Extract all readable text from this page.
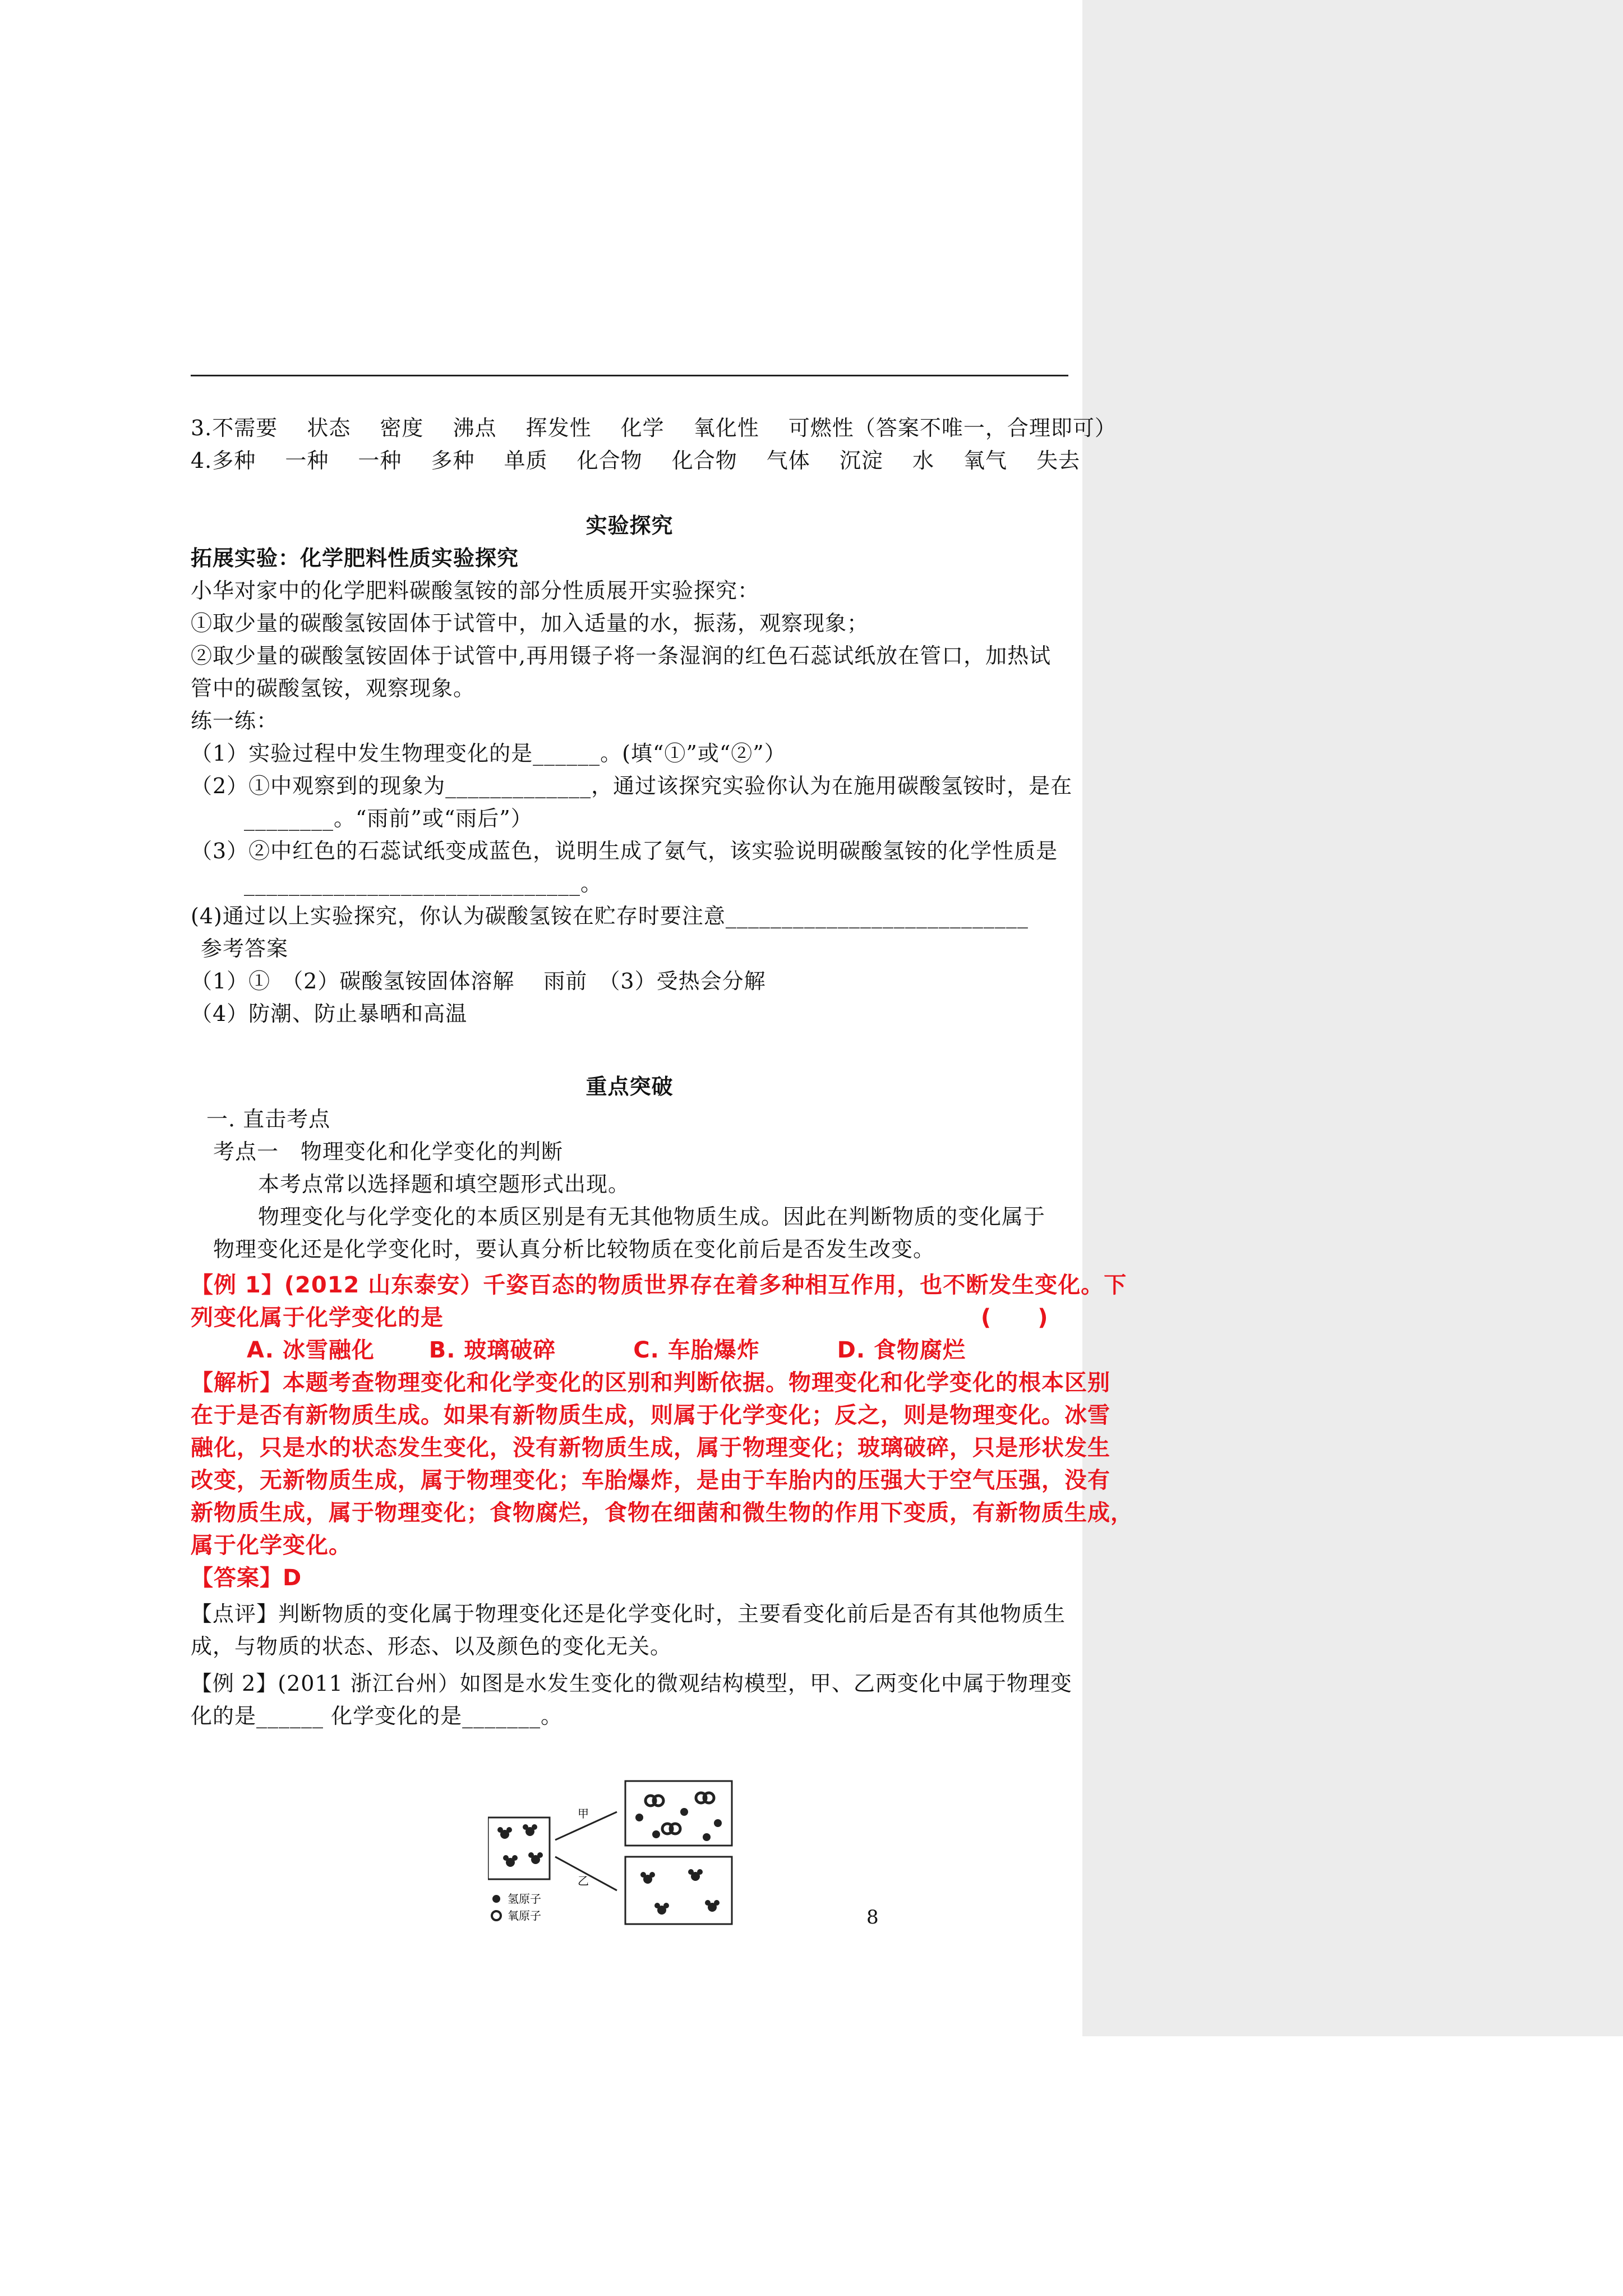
3.不需要　 状态　 密度　 沸点　 挥发性　 化学　 氧化性　 可燃性（答案不唯一，合理即可）
4.多种　 一种　 一种　 多种　 单质　 化合物　 化合物　 气体　 沉淀　 水　 氧气　 失去
实验探究
拓展实验：化学肥料性质实验探究
小华对家中的化学肥料碳酸氢铵的部分性质展开实验探究：
①取少量的碳酸氢铵固体于试管中，加入适量的水，振荡，观察现象；
②取少量的碳酸氢铵固体于试管中,再用镊子将一条湿润的红色石蕊试纸放在管口，加热试
管中的碳酸氢铵，观察现象。
练一练：
（1）实验过程中发生物理变化的是______。(填“①”或“②”）
（2）①中观察到的现象为_____________，通过该探究实验你认为在施用碳酸氢铵时，是在
________。“雨前”或“雨后”）
（3）②中红色的石蕊试纸变成蓝色，说明生成了氨气，该实验说明碳酸氢铵的化学性质是
______________________________。
(4)通过以上实验探究，你认为碳酸氢铵在贮存时要注意___________________________
参考答案
（1）①　（2）碳酸氢铵固体溶解　 雨前　（3）受热会分解
（4）防潮、防止暴晒和高温
重点突破
一. 直击考点
考点一　物理变化和化学变化的判断
本考点常以选择题和填空题形式出现。
物理变化与化学变化的本质区别是有无其他物质生成。因此在判断物质的变化属于
物理变化还是化学变化时，要认真分析比较物质在变化前后是否发生改变。
【例 1】(2012 山东泰安）千姿百态的物质世界存在着多种相互作用，也不断发生变化。下
列变化属于化学变化的是　　　　　　　　　　　　　　　　　　　　　　　 (　　)
A. 冰雪融化　　 B. 玻璃破碎　　　 C. 车胎爆炸　　　 D. 食物腐烂
【解析】本题考查物理变化和化学变化的区别和判断依据。物理变化和化学变化的根本区别
在于是否有新物质生成。如果有新物质生成，则属于化学变化；反之，则是物理变化。冰雪
融化，只是水的状态发生变化，没有新物质生成，属于物理变化；玻璃破碎，只是形状发生
改变，无新物质生成，属于物理变化；车胎爆炸，是由于车胎内的压强大于空气压强，没有
新物质生成，属于物理变化；食物腐烂，食物在细菌和微生物的作用下变质，有新物质生成，
属于化学变化。
【答案】D
【点评】判断物质的变化属于物理变化还是化学变化时，主要看变化前后是否有其他物质生
成，与物质的状态、形态、以及颜色的变化无关。
【例 2】(2011 浙江台州）如图是水发生变化的微观结构模型，甲、乙两变化中属于物理变
化的是______ 化学变化的是_______。
甲
乙
氢原子
氧原子	8
